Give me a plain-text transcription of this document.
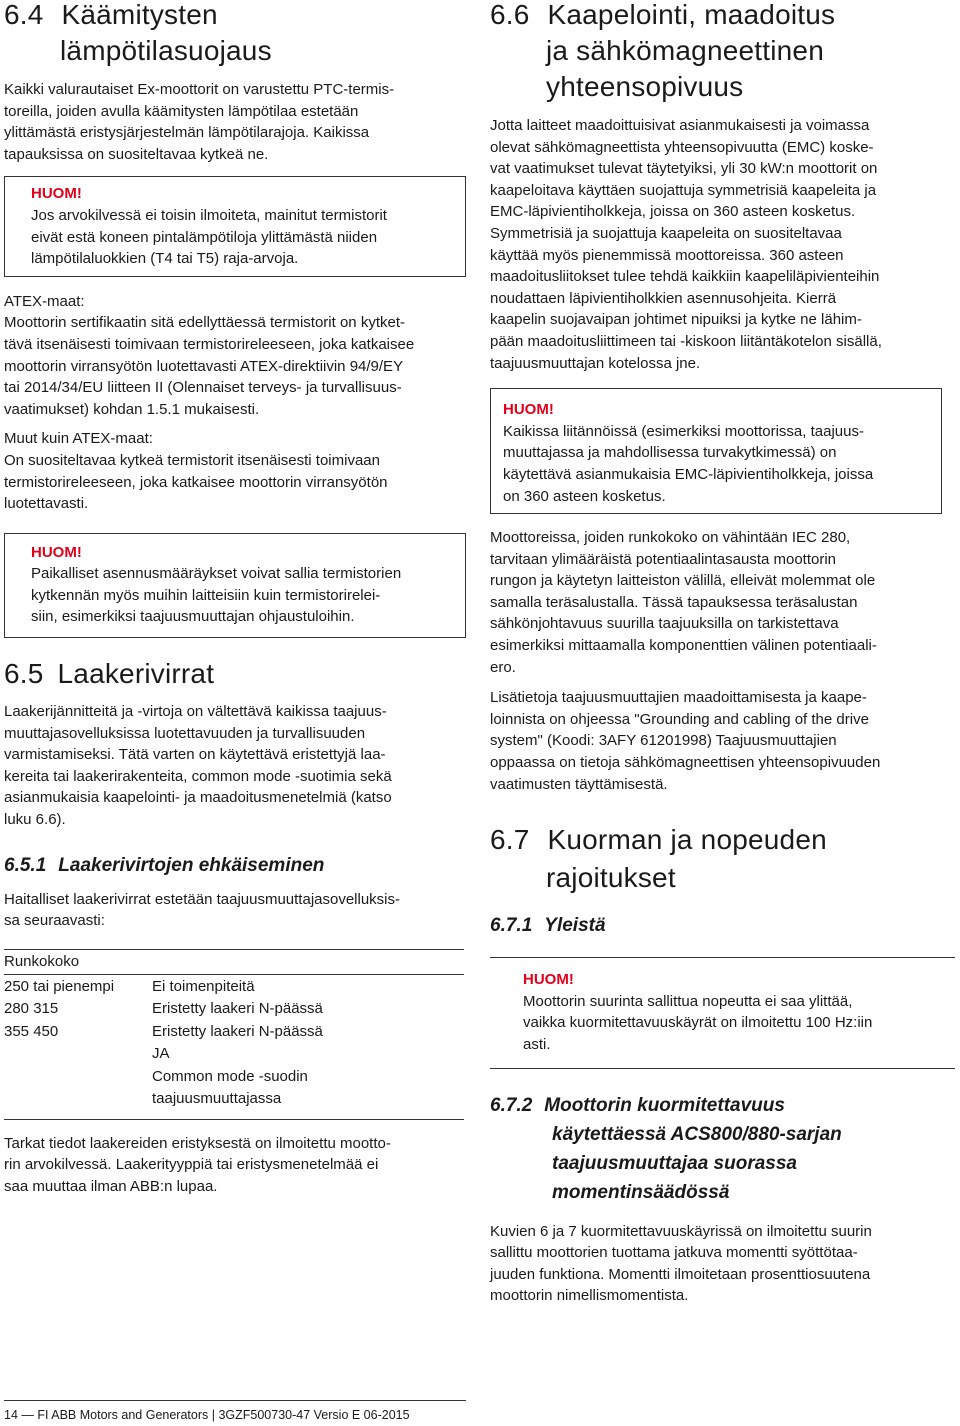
6.4 Käämitysten
lämpötilasuojaus

Kaikki valurautaiset Ex-moottorit on varustettu PTC-termis-
toreilla, joiden avulla käämitysten lämpötilaa estetään
ylittämästä eristysjärjestelmän lämpötilarajoja. Kaikissa
tapauksissa on suositeltavaa kytkeä ne.

HUOM!

Jos arvokilvessä ei toisin ilmoiteta, mainitut termistorit
eivät estä koneen pintalämpötiloja ylittämästä niiden
lämpötilaluokkien (T4 tai T5) raja-arvoja.

ATEX-maat:
Moottorin sertifikaatin sitä edellyttäessä termistorit on kytket-
tävä itsenäisesti toimivaan termistorireleeseen, joka katkaisee
moottorin virransyötön luotettavasti ATEX-direktiivin 94/9/EY
tai 2014/34/EU liitteen II (Olennaiset terveys- ja turvallisuus-
vaatimukset) kohdan 1.5.1 mukaisesti.

Muut kuin ATEX-maat:
On suositeltavaa kytkeä termistorit itsenäisesti toimivaan
termistorireleeseen, joka katkaisee moottorin virransyötön
luotettavasti.

HUOM!

Paikalliset asennusmääräykset voivat sallia termistorien
kytkennän myös muihin laitteisiin kuin termistorirelei-
siin, esimerkiksi taajuusmuuttajan ohjaustuloihin.

6.5 Laakerivirrat

Laakerijännitteitä ja -virtoja on vältettävä kaikissa taajuus-
muuttajasovelluksissa luotettavuuden ja turvallisuuden
varmistamiseksi. Tätä varten on käytettävä eristettyjä laa-
kereita tai laakerirakenteita, common mode -suotimia sekä
asianmukaisia kaapelointi- ja maadoitusmenetelmiä (katso
luku 6.6).

6.5.1 Laakerivirtojen ehkäiseminen

Haitalliset laakerivirrat estetään taajuusmuuttajasovelluksis-
sa seuraavasti:

Runkokoko
250 tai pienempi	Ei toimenpiteitä
280 315	Eristetty laakeri N-päässä
355 450	Eristetty laakeri N-päässä
JA
Common mode -suodin
taajuusmuuttajassa

Tarkat tiedot laakereiden eristyksestä on ilmoitettu mootto-
rin arvokilvessä. Laakerityyppiä tai eristysmenetelmää ei
saa muuttaa ilman ABB:n lupaa.

6.6 Kaapelointi, maadoitus
ja sähkömagneettinen
yhteensopivuus

Jotta laitteet maadoittuisivat asianmukaisesti ja voimassa
olevat sähkömagneettista yhteensopivuutta (EMC) koske-
vat vaatimukset tulevat täytetyiksi, yli 30 kW:n moottorit on
kaapeloitava käyttäen suojattuja symmetrisiä kaapeleita ja
EMC-läpivientiholkkeja, joissa on 360 asteen kosketus.
Symmetrisiä ja suojattuja kaapeleita on suositeltavaa
käyttää myös pienemmissä moottoreissa. 360 asteen
maadoitusliitokset tulee tehdä kaikkiin kaapeliläpivienteihin
noudattaen läpivientiholkkien asennusohjeita. Kierrä
kaapelin suojavaipan johtimet nipuiksi ja kytke ne lähim-
pään maadoitusliittimeen tai -kiskoon liitäntäkotelon sisällä,
taajuusmuuttajan kotelossa jne.

HUOM!

Kaikissa liitännöissä (esimerkiksi moottorissa, taajuus-
muuttajassa ja mahdollisessa turvakytkimessä) on
käytettävä asianmukaisia EMC-läpivientiholkkeja, joissa
on 360 asteen kosketus.

Moottoreissa, joiden runkokoko on vähintään IEC 280,
tarvitaan ylimääräistä potentiaalintasausta moottorin
rungon ja käytetyn laitteiston välillä, elleivät molemmat ole
samalla teräsalustalla. Tässä tapauksessa teräsalustan
sähkönjohtavuus suurilla taajuuksilla on tarkistettava
esimerkiksi mittaamalla komponenttien välinen potentiaali-
ero.

Lisätietoja taajuusmuuttajien maadoittamisesta ja kaape-
loinnista on ohjeessa "Grounding and cabling of the drive
system" (Koodi: 3AFY 61201998) Taajuusmuuttajien
oppaassa on tietoja sähkömagneettisen yhteensopivuuden
vaatimusten täyttämisestä.

6.7 Kuorman ja nopeuden
rajoitukset
6.7.1 Yleistä
HUOM!

Moottorin suurinta sallittua nopeutta ei saa ylittää,
vaikka kuormitettavuuskäyrät on ilmoitettu 100 Hz:iin
asti.

6.7.2 Moottorin kuormitettavuus
käytettäessä ACS800/880-sarjan
taajuusmuuttajaa suorassa
momentinsäädössä

Kuvien 6 ja 7 kuormitettavuuskäyrissä on ilmoitettu suurin
sallittu moottorien tuottama jatkuva momentti syöttötaa-
juuden funktiona. Momentti ilmoitetaan prosenttiosuutena
moottorin nimellismomentista.

14 — FI ABB Motors and Generators | 3GZF500730-47 Versio E 06-2015
